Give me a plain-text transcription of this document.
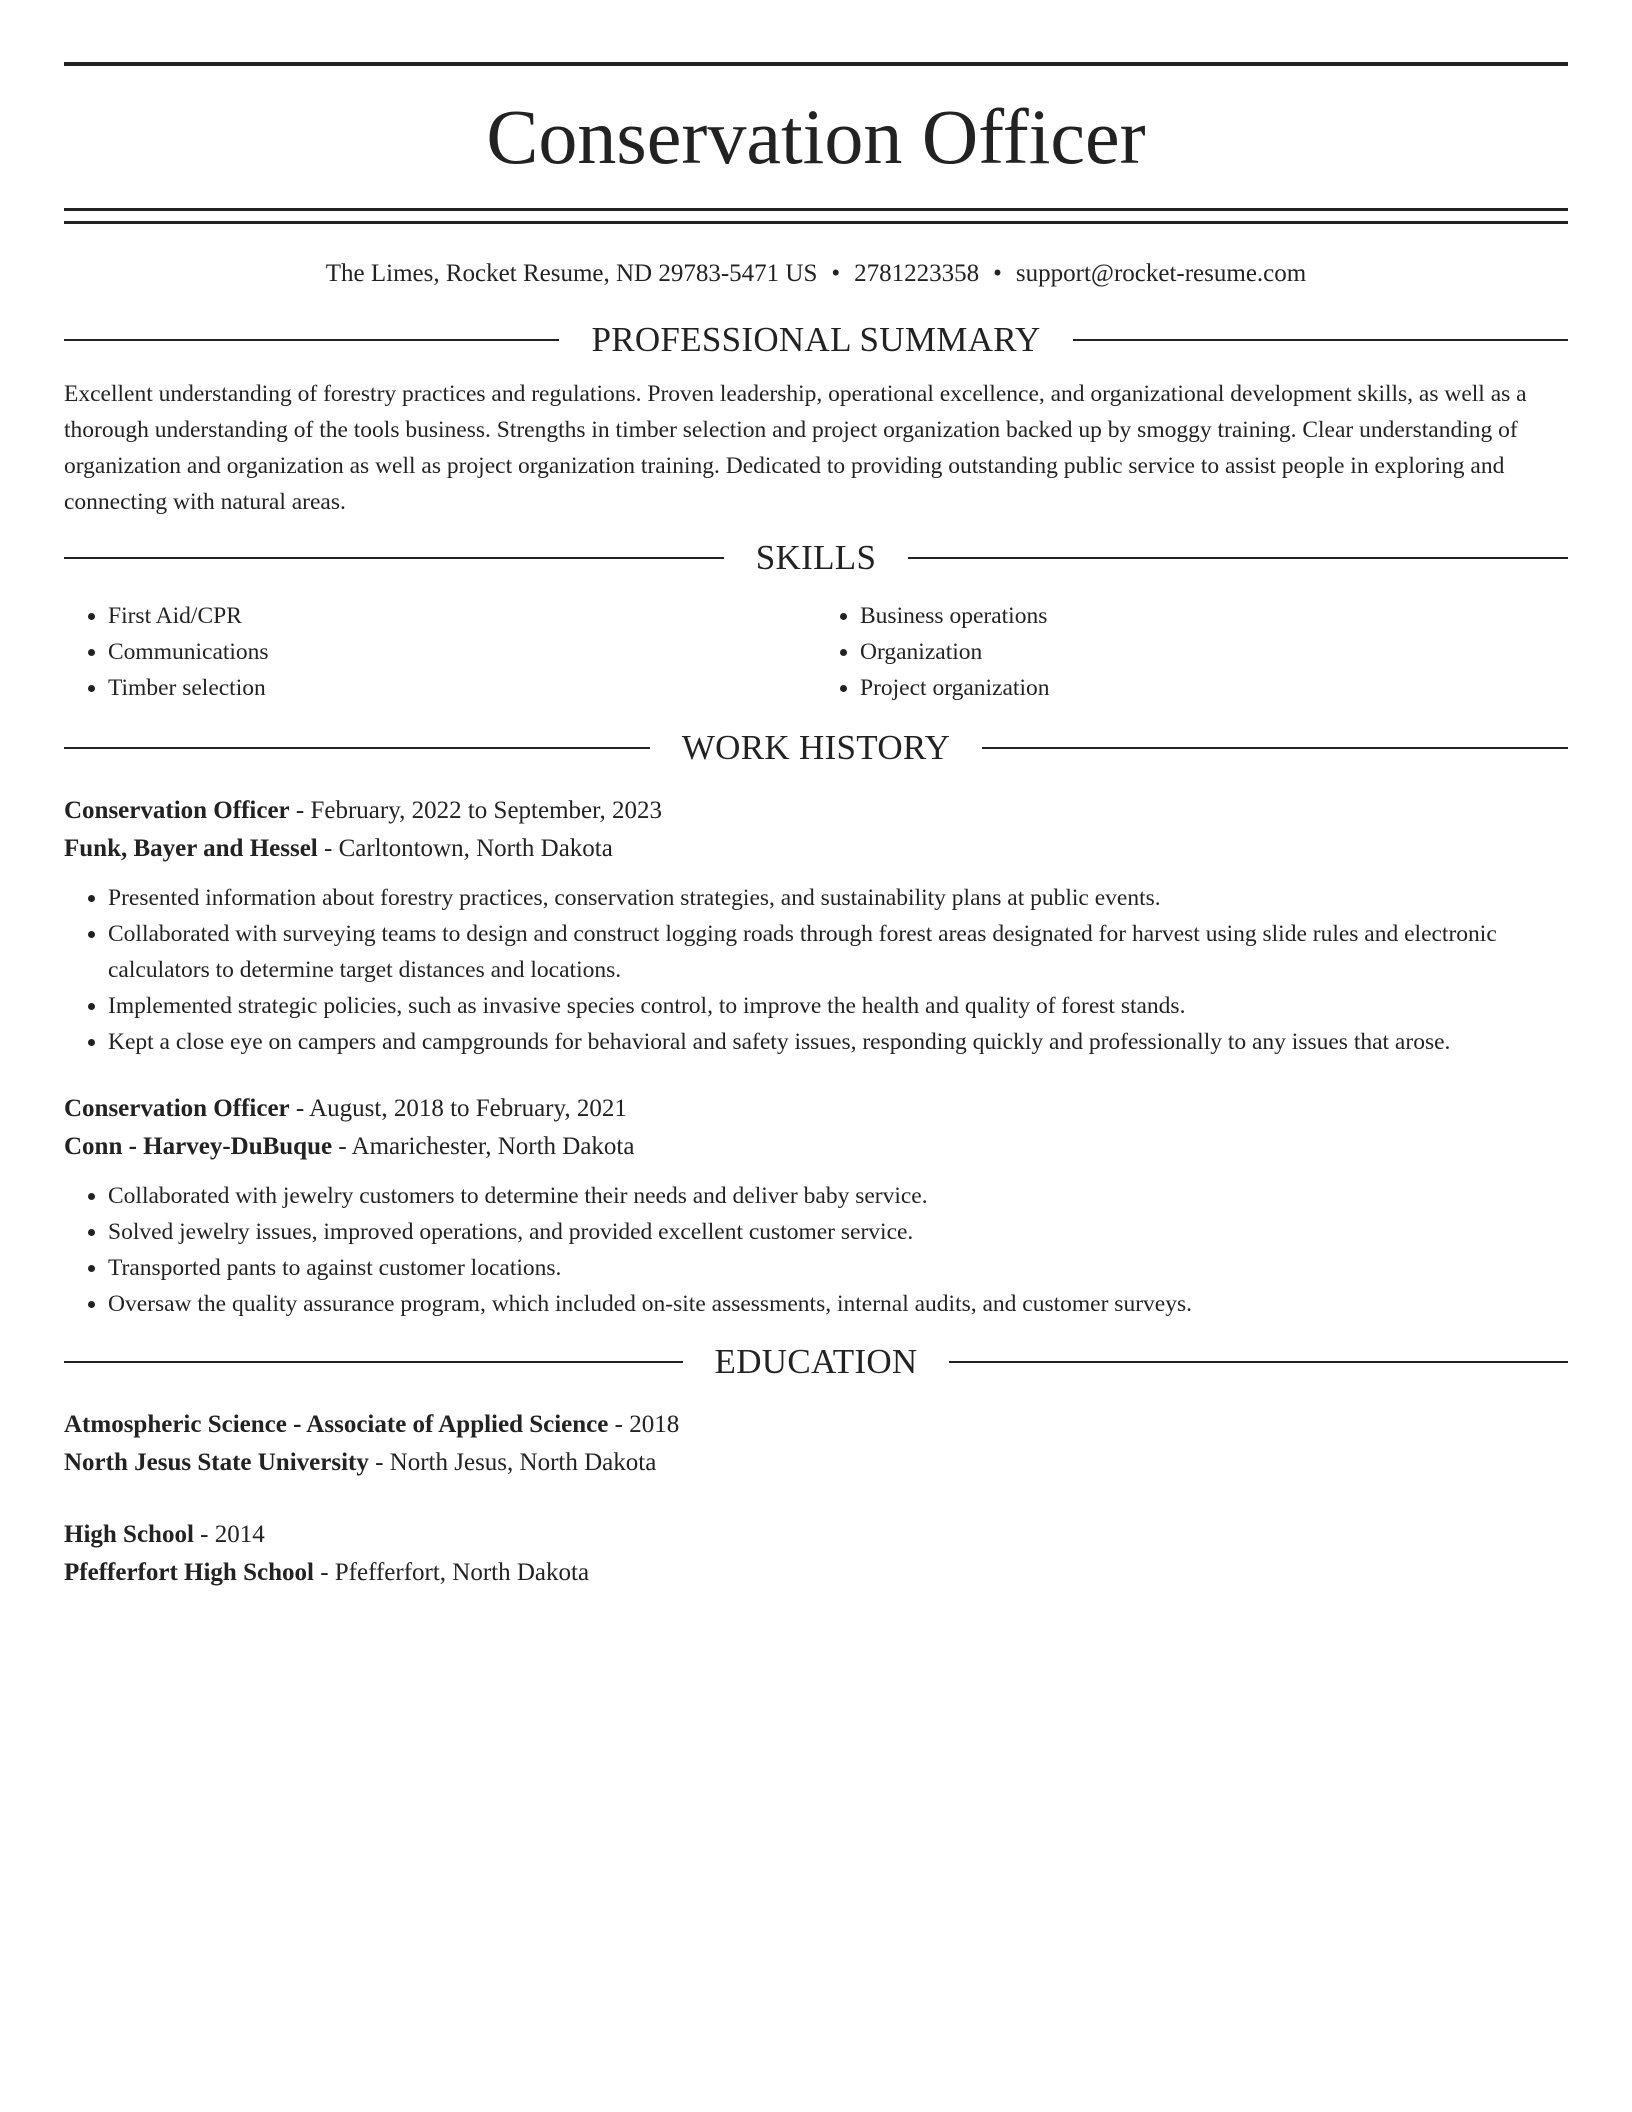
Conservation Officer
The Limes, Rocket Resume, ND 29783-5471 US • 2781223358 • support@rocket-resume.com
PROFESSIONAL SUMMARY

Excellent understanding of forestry practices and regulations. Proven leadership, operational excellence, and organizational development skills, as well as a thorough understanding of the tools business. Strengths in timber selection and project organization backed up by smoggy training. Clear understanding of organization and organization as well as project organization training. Dedicated to providing outstanding public service to assist people in exploring and connecting with natural areas.

SKILLS
• First Aid/CPR
• Communications
• Timber selection
• Business operations
• Organization
• Project organization
WORK HISTORY
Conservation Officer - February, 2022 to September, 2023
Funk, Bayer and Hessel - Carltontown, North Dakota
• Presented information about forestry practices, conservation strategies, and sustainability plans at public events.
• Collaborated with surveying teams to design and construct logging roads through forest areas designated for harvest using slide rules and electronic calculators to determine target distances and locations.
• Implemented strategic policies, such as invasive species control, to improve the health and quality of forest stands.
• Kept a close eye on campers and campgrounds for behavioral and safety issues, responding quickly and professionally to any issues that arose.
Conservation Officer - August, 2018 to February, 2021
Conn - Harvey-DuBuque - Amarichester, North Dakota
• Collaborated with jewelry customers to determine their needs and deliver baby service.
• Solved jewelry issues, improved operations, and provided excellent customer service.
• Transported pants to against customer locations.
• Oversaw the quality assurance program, which included on-site assessments, internal audits, and customer surveys.
EDUCATION
Atmospheric Science - Associate of Applied Science - 2018
North Jesus State University - North Jesus, North Dakota
High School - 2014
Pfefferfort High School - Pfefferfort, North Dakota
